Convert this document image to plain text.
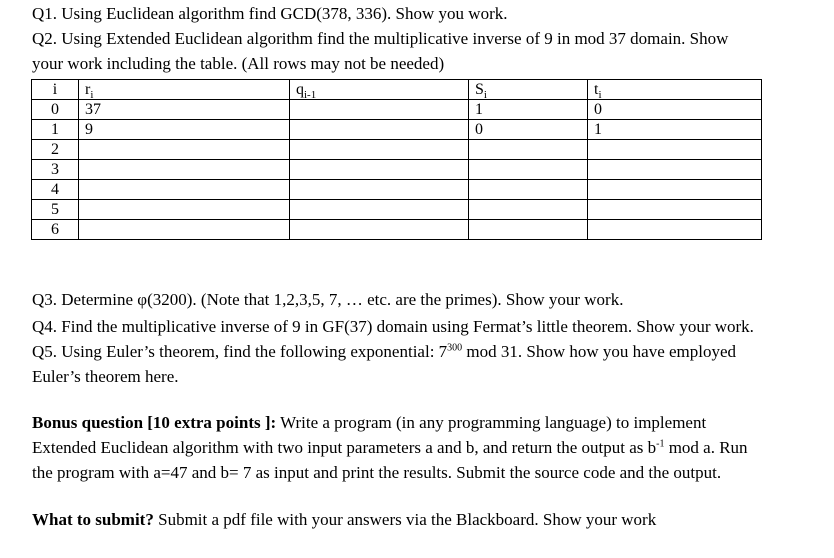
Q1. Using Euclidean algorithm find GCD(378, 336). Show you work.
Q2. Using Extended Euclidean algorithm find the multiplicative inverse of 9 in mod 37 domain. Show
your work including the table. (All rows may not be needed)
i	$r_i$	$q_{i-1}$	$S_i$	$t_i$
0	37		1	0
1	9		0	1
2				
3				
4				
5				
6				
Q3. Determine φ(3200). (Note that 1,2,3,5, 7, … etc. are the primes). Show your work.
Q4. Find the multiplicative inverse of 9 in GF(37) domain using Fermat’s little theorem. Show your work.
Q5. Using Euler’s theorem, find the following exponential: $7^{300}$ mod 31. Show how you have employed
Euler’s theorem here.
Bonus question [10 extra points ]: Write a program (in any programming language) to implement
Extended Euclidean algorithm with two input parameters a and b, and return the output as $b^{-1}$ mod a. Run
the program with a=47 and b= 7 as input and print the results. Submit the source code and the output.
What to submit? Submit a pdf file with your answers via the Blackboard. Show your work
